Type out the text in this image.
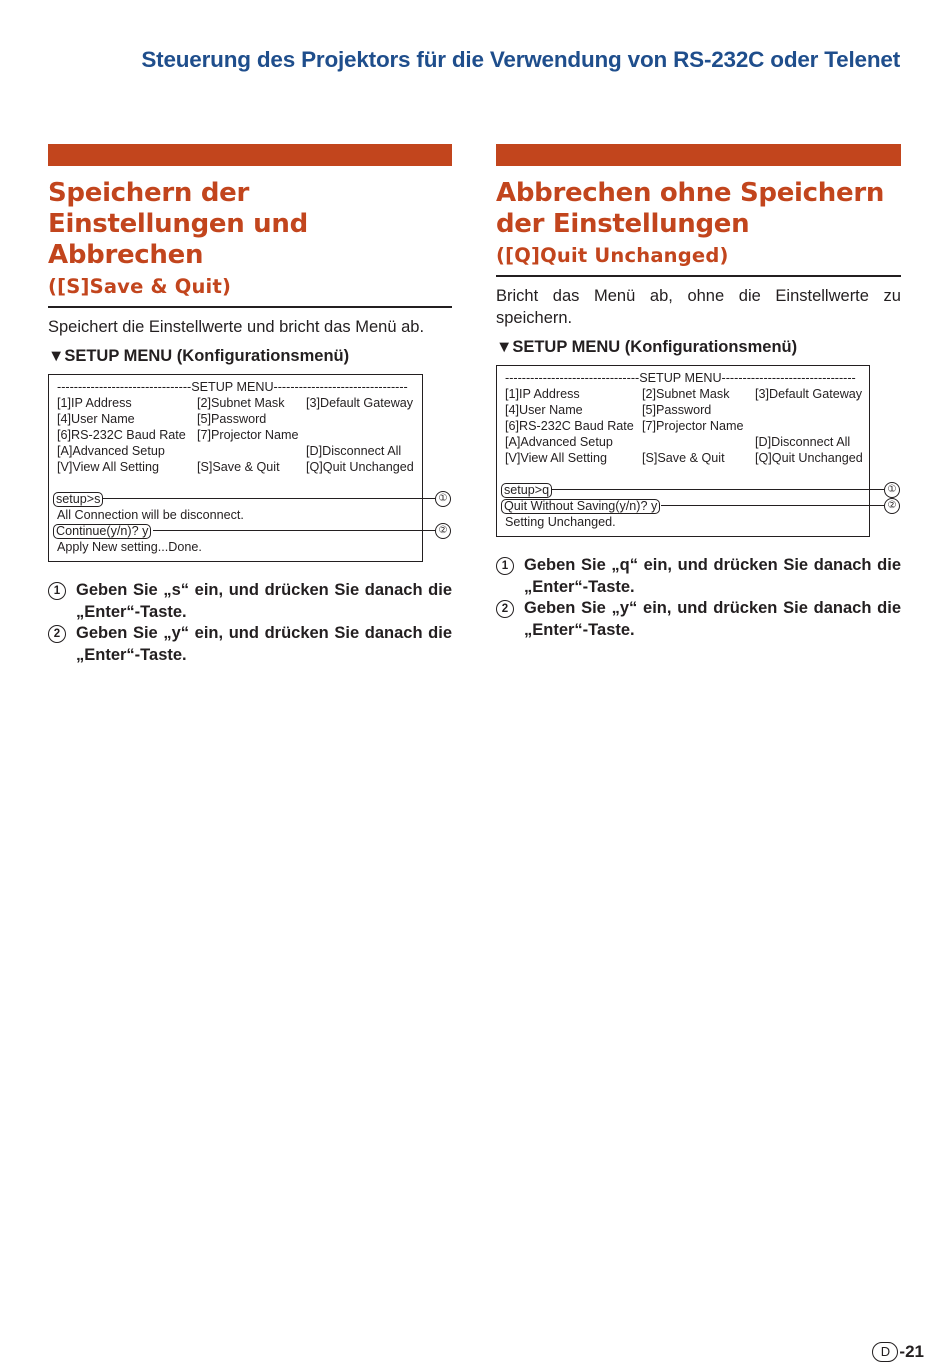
Steuerung des Projektors für die Verwendung von RS-232C oder Telenet
Speichern der
Einstellungen und
Abbrechen
([S]Save & Quit)
Speichert die Einstellwerte und bricht das Menü ab.
▼SETUP MENU (Konfigurationsmenü)
--------------------------------SETUP MENU--------------------------------
[1]IP Address	[2]Subnet Mask [3]Default Gateway
[4]User Name	[5]Password
[6]RS-232C Baud Rate [7]Projector Name
[A]Advanced Setup	[D]Disconnect All
[V]View All Setting	[S]Save & Quit [Q]Quit Unchanged
setup>s	①
All Connection will be disconnect.
Continue(y/n)? y	②
Apply New setting...Done.
1 Geben Sie „s“ ein, und drücken Sie danach die „Enter“-Taste.
2 Geben Sie „y“ ein, und drücken Sie danach die „Enter“-Taste.
Abbrechen ohne Speichern
der Einstellungen
([Q]Quit Unchanged)
Bricht das Menü ab, ohne die Einstellwerte zu speichern.
▼SETUP MENU (Konfigurationsmenü)
--------------------------------SETUP MENU--------------------------------
[1]IP Address	[2]Subnet Mask [3]Default Gateway
[4]User Name	[5]Password
[6]RS-232C Baud Rate [7]Projector Name
[A]Advanced Setup	[D]Disconnect All
[V]View All Setting	[S]Save & Quit [Q]Quit Unchanged
setup>q	①
Quit Without Saving(y/n)? y	②
Setting Unchanged.
1 Geben Sie „q“ ein, und drücken Sie danach die „Enter“-Taste.
2 Geben Sie „y“ ein, und drücken Sie danach die „Enter“-Taste.
D -21
